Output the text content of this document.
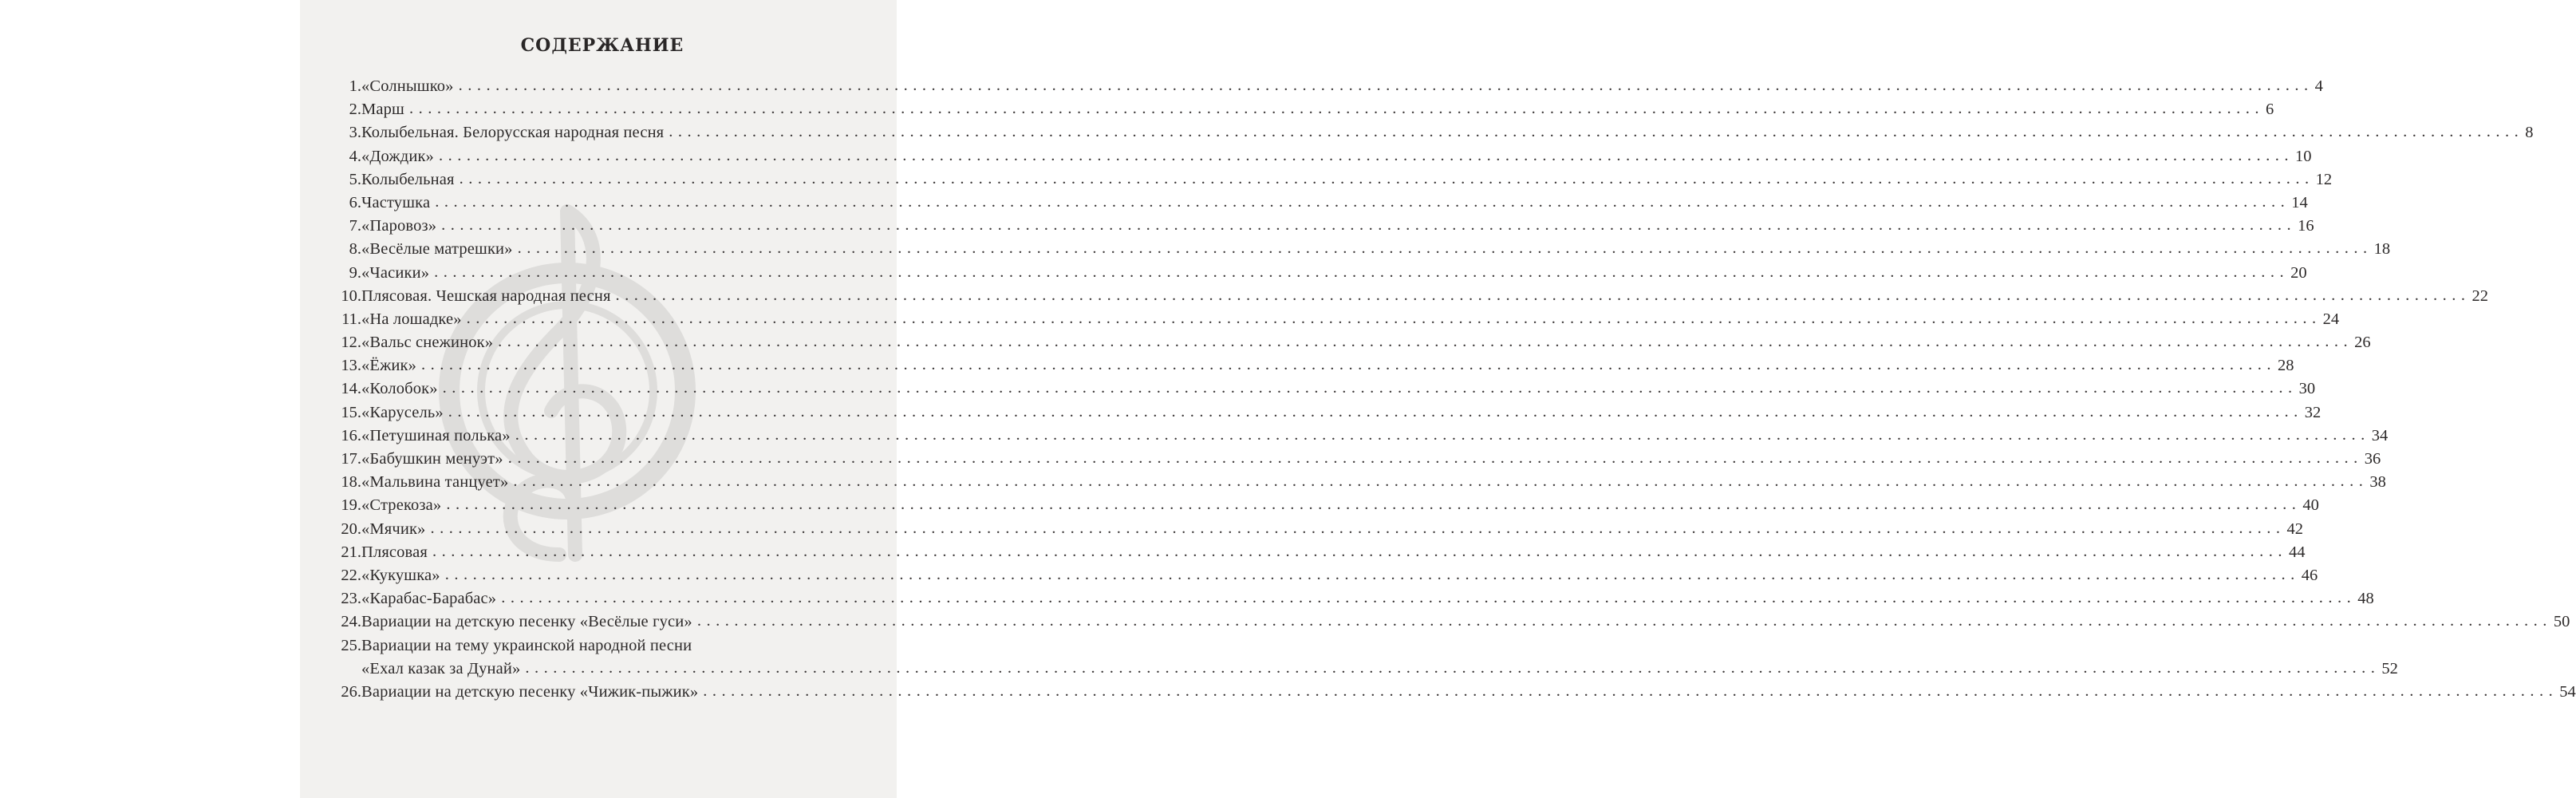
СОДЕРЖАНИЕ
1. «Солнышко» ........................................................................................................................................................................................................ 4
2. Марш ........................................................................................................................................................................................................ 6
3. Колыбельная. Белорусская народная песня ........................................................................................................................................................................................................ 8
4. «Дождик» ........................................................................................................................................................................................................ 10
5. Колыбельная ........................................................................................................................................................................................................ 12
6. Частушка ........................................................................................................................................................................................................ 14
7. «Паровоз» ........................................................................................................................................................................................................ 16
8. «Весёлые матрешки» ........................................................................................................................................................................................................ 18
9. «Часики» ........................................................................................................................................................................................................ 20
10. Плясовая. Чешская народная песня ........................................................................................................................................................................................................ 22
11. «На лошадке» ........................................................................................................................................................................................................ 24
12. «Вальс снежинок» ........................................................................................................................................................................................................ 26
13. «Ёжик» ........................................................................................................................................................................................................ 28
14. «Колобок» ........................................................................................................................................................................................................ 30
15. «Карусель» ........................................................................................................................................................................................................ 32
16. «Петушиная полька» ........................................................................................................................................................................................................ 34
17. «Бабушкин менуэт» ........................................................................................................................................................................................................ 36
18. «Мальвина танцует» ........................................................................................................................................................................................................ 38
19. «Стрекоза» ........................................................................................................................................................................................................ 40
20. «Мячик» ........................................................................................................................................................................................................ 42
21. Плясовая ........................................................................................................................................................................................................ 44
22. «Кукушка» ........................................................................................................................................................................................................ 46
23. «Карабас-Барабас» ........................................................................................................................................................................................................ 48
24. Вариации на детскую песенку «Весёлые гуси» ........................................................................................................................................................................................................ 50
25. Вариации на тему украинской народной песни
«Ехал казак за Дунай» ........................................................................................................................................................................................................ 52
26. Вариации на детскую песенку «Чижик-пыжик» ........................................................................................................................................................................................................ 54
